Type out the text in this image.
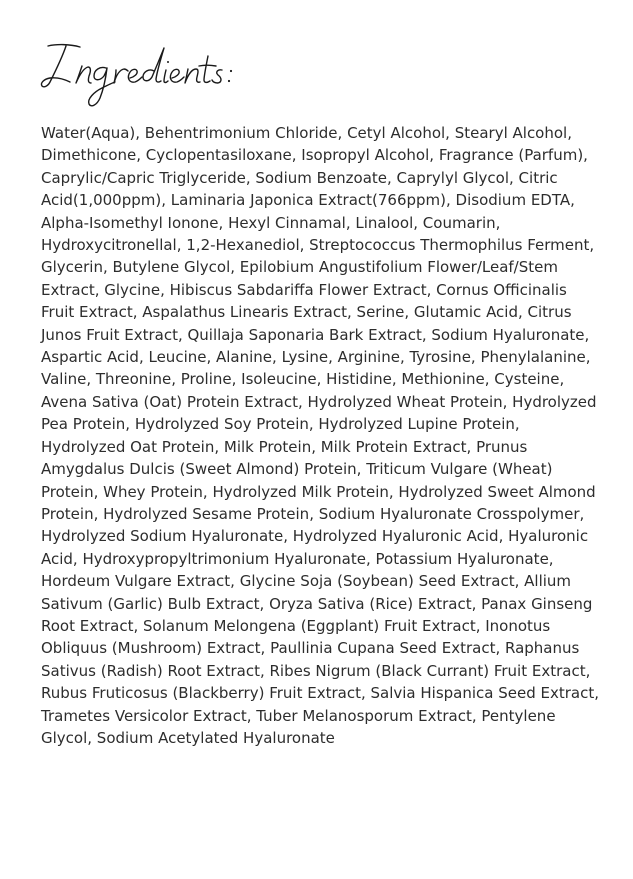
Water(Aqua), Behentrimonium Chloride, Cetyl Alcohol, Stearyl Alcohol, Dimethicone, Cyclopentasiloxane, Isopropyl Alcohol, Fragrance (Parfum), Caprylic/Capric Triglyceride, Sodium Benzoate, Caprylyl Glycol, Citric Acid(1,000ppm), Laminaria Japonica Extract(766ppm), Disodium EDTA, Alpha-Isomethyl Ionone, Hexyl Cinnamal, Linalool, Coumarin, Hydroxycitronellal, 1,2-Hexanediol, Streptococcus Thermophilus Ferment, Glycerin, Butylene Glycol, Epilobium Angustifolium Flower/Leaf/Stem Extract, Glycine, Hibiscus Sabdariffa Flower Extract, Cornus Officinalis Fruit Extract, Aspalathus Linearis Extract, Serine, Glutamic Acid, Citrus Junos Fruit Extract, Quillaja Saponaria Bark Extract, Sodium Hyaluronate, Aspartic Acid, Leucine, Alanine, Lysine, Arginine, Tyrosine, Phenylalanine, Valine, Threonine, Proline, Isoleucine, Histidine, Methionine, Cysteine, Avena Sativa (Oat) Protein Extract, Hydrolyzed Wheat Protein, Hydrolyzed Pea Protein, Hydrolyzed Soy Protein, Hydrolyzed Lupine Protein, Hydrolyzed Oat Protein, Milk Protein, Milk Protein Extract, Prunus Amygdalus Dulcis (Sweet Almond) Protein, Triticum Vulgare (Wheat) Protein, Whey Protein, Hydrolyzed Milk Protein, Hydrolyzed Sweet Almond Protein, Hydrolyzed Sesame Protein, Sodium Hyaluronate Crosspolymer, Hydrolyzed Sodium Hyaluronate, Hydrolyzed Hyaluronic Acid, Hyaluronic Acid, Hydroxypropyltrimonium Hyaluronate, Potassium Hyaluronate, Hordeum Vulgare Extract, Glycine Soja (Soybean) Seed Extract, Allium Sativum (Garlic) Bulb Extract, Oryza Sativa (Rice) Extract, Panax Ginseng Root Extract, Solanum Melongena (Eggplant) Fruit Extract, Inonotus Obliquus (Mushroom) Extract, Paullinia Cupana Seed Extract, Raphanus Sativus (Radish) Root Extract, Ribes Nigrum (Black Currant) Fruit Extract, Rubus Fruticosus (Blackberry) Fruit Extract, Salvia Hispanica Seed Extract, Trametes Versicolor Extract, Tuber Melanosporum Extract, Pentylene Glycol, Sodium Acetylated Hyaluronate
